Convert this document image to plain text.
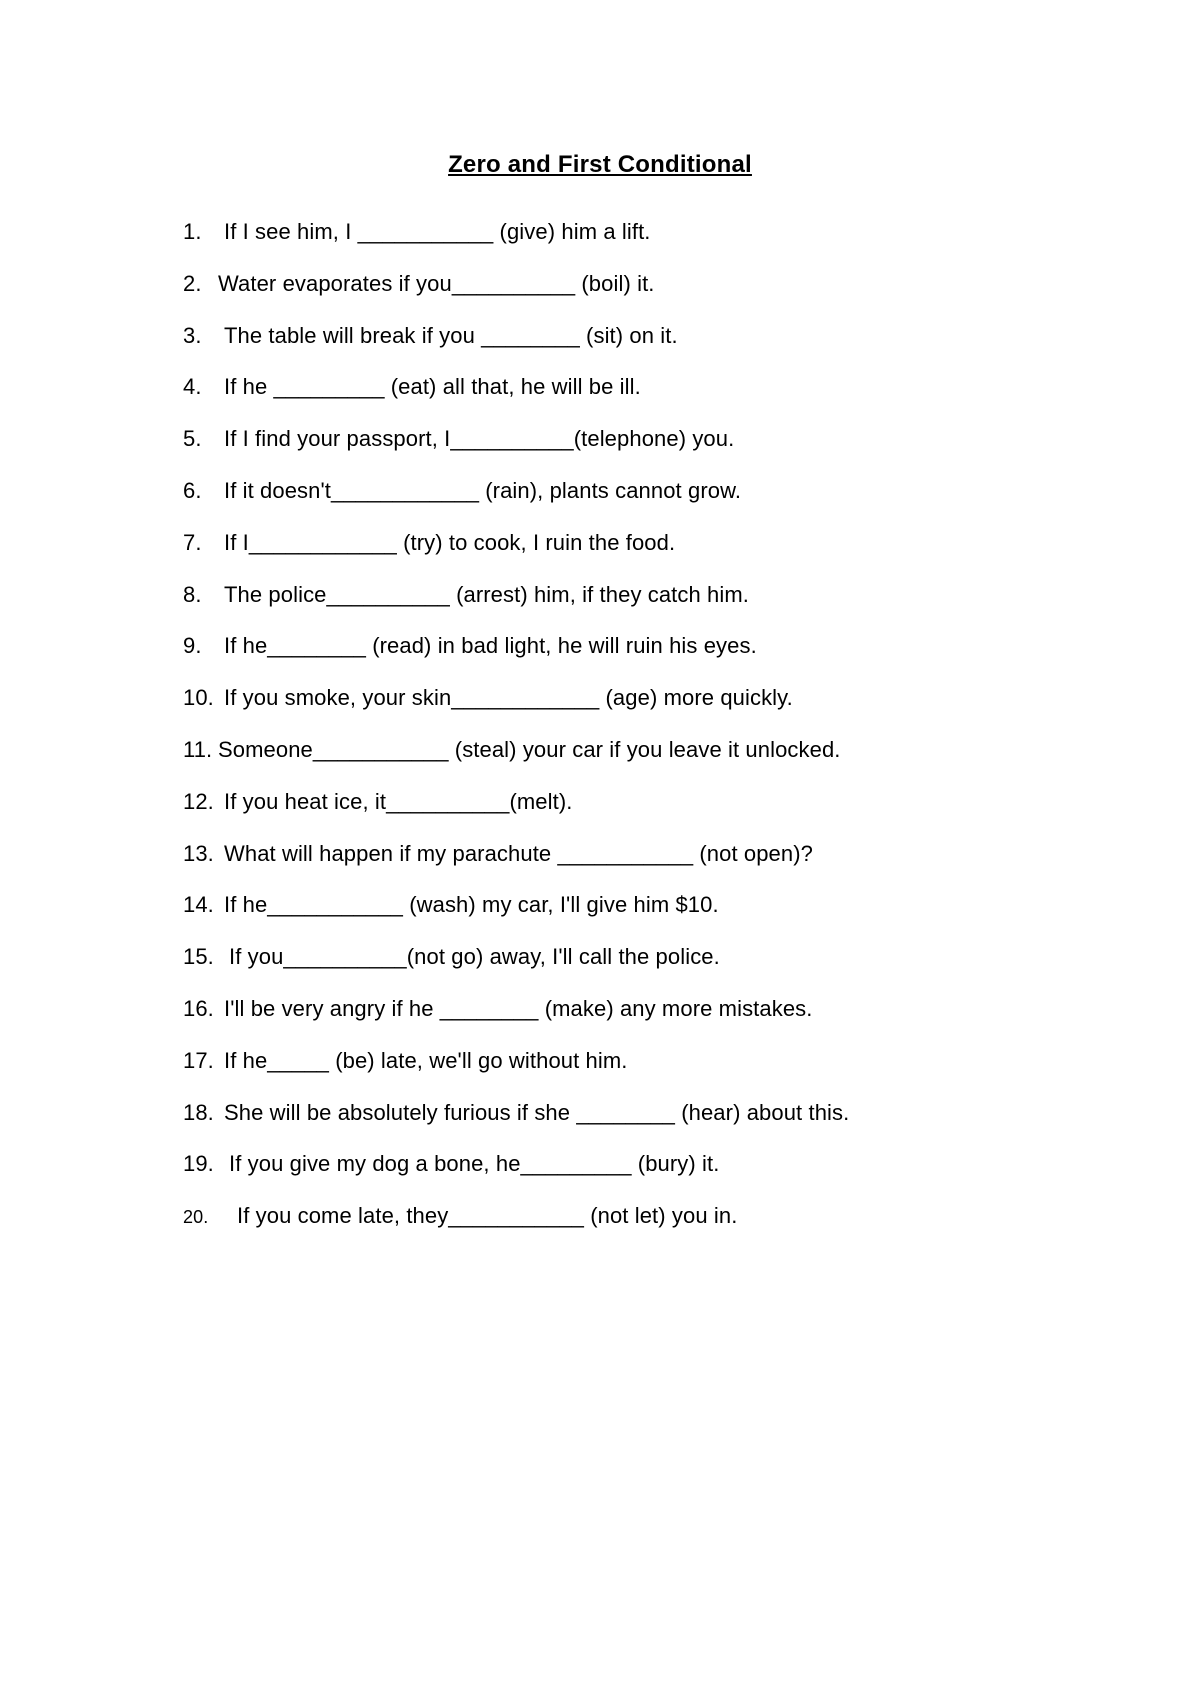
Zero and First Conditional
1. If I see him, I ___________ (give) him a lift.
2. Water evaporates if you__________ (boil) it.
3. The table will break if you ________ (sit) on it.
4. If he _________ (eat) all that, he will be ill.
5. If I find your passport, I__________(telephone) you.
6. If it doesn't____________ (rain), plants cannot grow.
7. If I____________ (try) to cook, I ruin the food.
8. The police__________ (arrest) him, if they catch him.
9. If he________ (read) in bad light, he will ruin his eyes.
10. If you smoke, your skin____________ (age) more quickly.
11. Someone___________ (steal) your car if you leave it unlocked.
12. If you heat ice, it__________(melt).
13. What will happen if my parachute ___________ (not open)?
14. If he___________ (wash) my car, I'll give him $10.
15. If you__________(not go) away, I'll call the police.
16. I'll be very angry if he ________ (make) any more mistakes.
17. If he_____ (be) late, we'll go without him.
18. She will be absolutely furious if she ________ (hear) about this.
19. If you give my dog a bone, he_________ (bury) it.
20. If you come late, they___________ (not let) you in.
